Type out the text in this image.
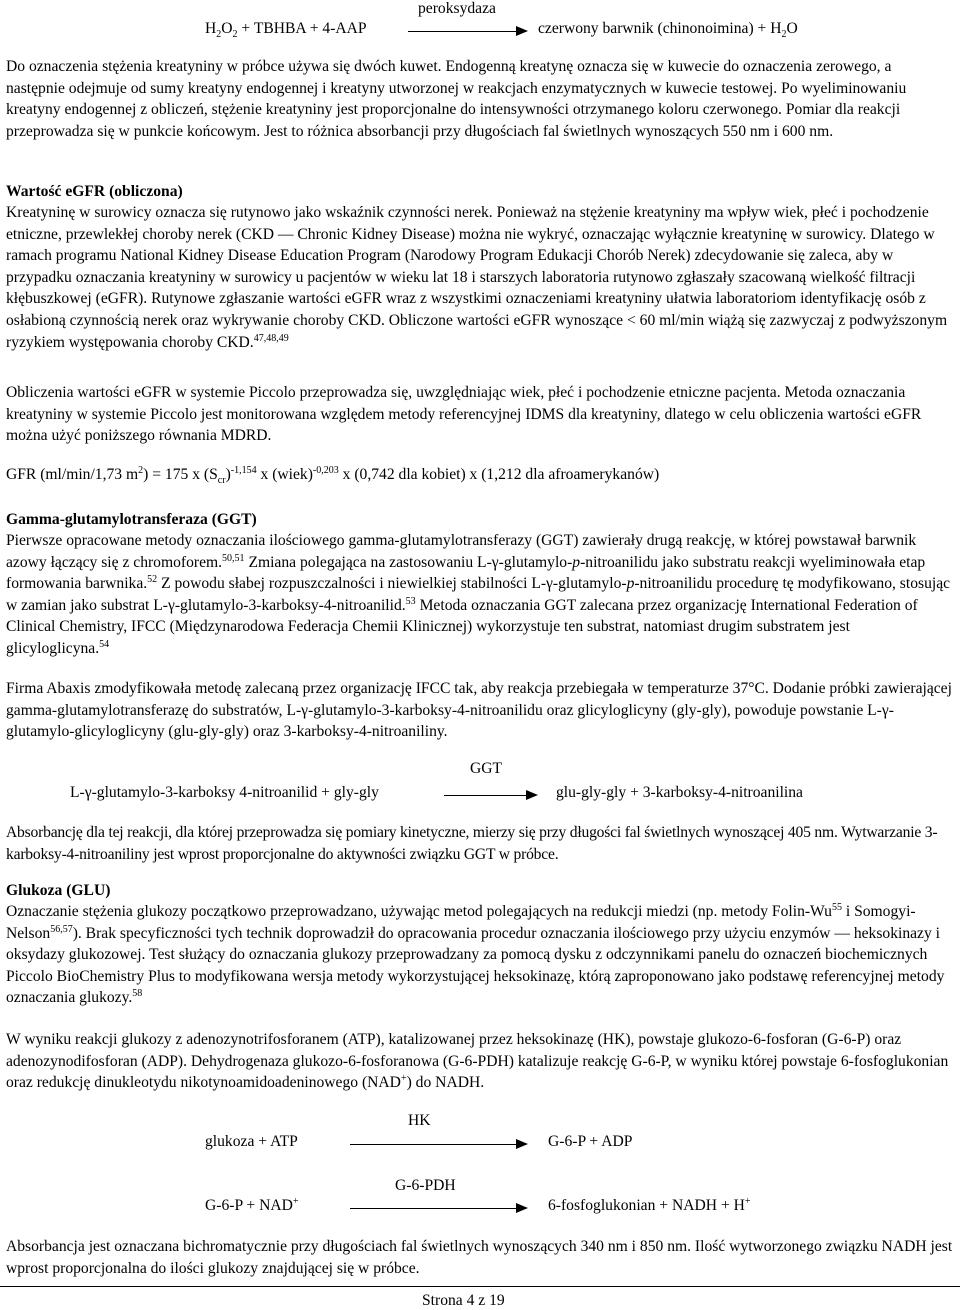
peroksydaza
$H_2O_2$ + TBHBA + 4-AAP	czerwony barwnik (chinonoimina) + $H_2O$

Do oznaczenia stężenia kreatyniny w próbce używa się dwóch kuwet. Endogenną kreatynę oznacza się w kuwecie do oznaczenia zerowego, a następnie odejmuje od sumy kreatyny endogennej i kreatyny utworzonej w reakcjach enzymatycznych w kuwecie testowej. Po wyeliminowaniu kreatyny endogennej z obliczeń, stężenie kreatyniny jest proporcjonalne do intensywności otrzymanego koloru czerwonego. Pomiar dla reakcji przeprowadza się w punkcie końcowym. Jest to różnica absorbancji przy długościach fal świetlnych wynoszących 550 nm i 600 nm.

Wartość eGFR (obliczona)

Kreatyninę w surowicy oznacza się rutynowo jako wskaźnik czynności nerek. Ponieważ na stężenie kreatyniny ma wpływ wiek, płeć i pochodzenie etniczne, przewlekłej choroby nerek (CKD — Chronic Kidney Disease) można nie wykryć, oznaczając wyłącznie kreatyninę w surowicy. Dlatego w ramach programu National Kidney Disease Education Program (Narodowy Program Edukacji Chorób Nerek) zdecydowanie się zaleca, aby w przypadku oznaczania kreatyniny w surowicy u pacjentów w wieku lat 18 i starszych laboratoria rutynowo zgłaszały szacowaną wielkość filtracji kłębuszkowej (eGFR). Rutynowe zgłaszanie wartości eGFR wraz z wszystkimi oznaczeniami kreatyniny ułatwia laboratoriom identyfikację osób z osłabioną czynnością nerek oraz wykrywanie choroby CKD. Obliczone wartości eGFR wynoszące < 60 ml/min wiążą się zazwyczaj z podwyższonym ryzykiem występowania choroby CKD.$^{47,48,49}$

Obliczenia wartości eGFR w systemie Piccolo przeprowadza się, uwzględniając wiek, płeć i pochodzenie etniczne pacjenta. Metoda oznaczania kreatyniny w systemie Piccolo jest monitorowana względem metody referencyjnej IDMS dla kreatyniny, dlatego w celu obliczenia wartości eGFR można użyć poniższego równania MDRD.

GFR (ml/min/1,73 $m^2) = 175$ x $(S_{cr})^{-1,154}$ x (wiek)$^{-0,203}$ x (0,742 dla kobiet) x (1,212 dla afroamerykanów)

Gamma-glutamylotransferaza (GGT)

Pierwsze opracowane metody oznaczania ilościowego gamma-glutamylotransferazy (GGT) zawierały drugą reakcję, w której powstawał barwnik azowy łączący się z chromoforem.$^{50,51}$ Zmiana polegająca na zastosowaniu L-γ-glutamylo-p-nitroanilidu jako substratu reakcji wyeliminowała etap formowania barwnika.$^{52}$ Z powodu słabej rozpuszczalności i niewielkiej stabilności L-γ-glutamylo-p-nitroanilidu procedurę tę modyfikowano, stosując w zamian jako substrat L-γ-glutamylo-3-karboksy-4-nitroanilid.$^{53}$ Metoda oznaczania GGT zalecana przez organizację International Federation of Clinical Chemistry, IFCC (Międzynarodowa Federacja Chemii Klinicznej) wykorzystuje ten substrat, natomiast drugim substratem jest glicyloglicyna.$^{54}$

Firma Abaxis zmodyfikowała metodę zalecaną przez organizację IFCC tak, aby reakcja przebiegała w temperaturze 37°C. Dodanie próbki zawierającej gamma-glutamylotransferazę do substratów, L-γ-glutamylo-3-karboksy-4-nitroanilidu oraz glicyloglicyny (gly-gly), powoduje powstanie L-γ-glutamylo-glicyloglicyny (glu-gly-gly) oraz 3-karboksy-4-nitroaniliny.

GGT
L-γ-glutamylo-3-karboksy 4-nitroanilid + gly-gly	glu-gly-gly + 3-karboksy-4-nitroanilina

Absorbancję dla tej reakcji, dla której przeprowadza się pomiary kinetyczne, mierzy się przy długości fal świetlnych wynoszącej 405 nm. Wytwarzanie 3-karboksy-4-nitroaniliny jest wprost proporcjonalne do aktywności związku GGT w próbce.

Glukoza (GLU)

Oznaczanie stężenia glukozy początkowo przeprowadzano, używając metod polegających na redukcji miedzi (np. metody Folin-Wu$^{55}$ i Somogyi-Nelson$^{56,57}$). Brak specyficzności tych technik doprowadził do opracowania procedur oznaczania ilościowego przy użyciu enzymów — heksokinazy i oksydazy glukozowej. Test służący do oznaczania glukozy przeprowadzany za pomocą dysku z odczynnikami panelu do oznaczeń biochemicznych Piccolo BioChemistry Plus to modyfikowana wersja metody wykorzystującej heksokinazę, którą zaproponowano jako podstawę referencyjnej metody oznaczania glukozy.$^{58}$

W wyniku reakcji glukozy z adenozynotrifosforanem (ATP), katalizowanej przez heksokinazę (HK), powstaje glukozo-6-fosforan (G-6-P) oraz adenozynodifosforan (ADP). Dehydrogenaza glukozo-6-fosforanowa (G-6-PDH) katalizuje reakcję G-6-P, w wyniku której powstaje 6-fosfoglukonian oraz redukcję dinukleotydu nikotynoamidoadeninowego (NAD+) do NADH.

HK
glukoza + ATP	G-6-P + ADP
G-6-PDH
G-6-P + NAD+	6-fosfoglukonian + NADH + H+

Absorbancja jest oznaczana bichromatycznie przy długościach fal świetlnych wynoszących 340 nm i 850 nm. Ilość wytworzonego związku NADH jest wprost proporcjonalna do ilości glukozy znajdującej się w próbce.

Strona 4 z 19
